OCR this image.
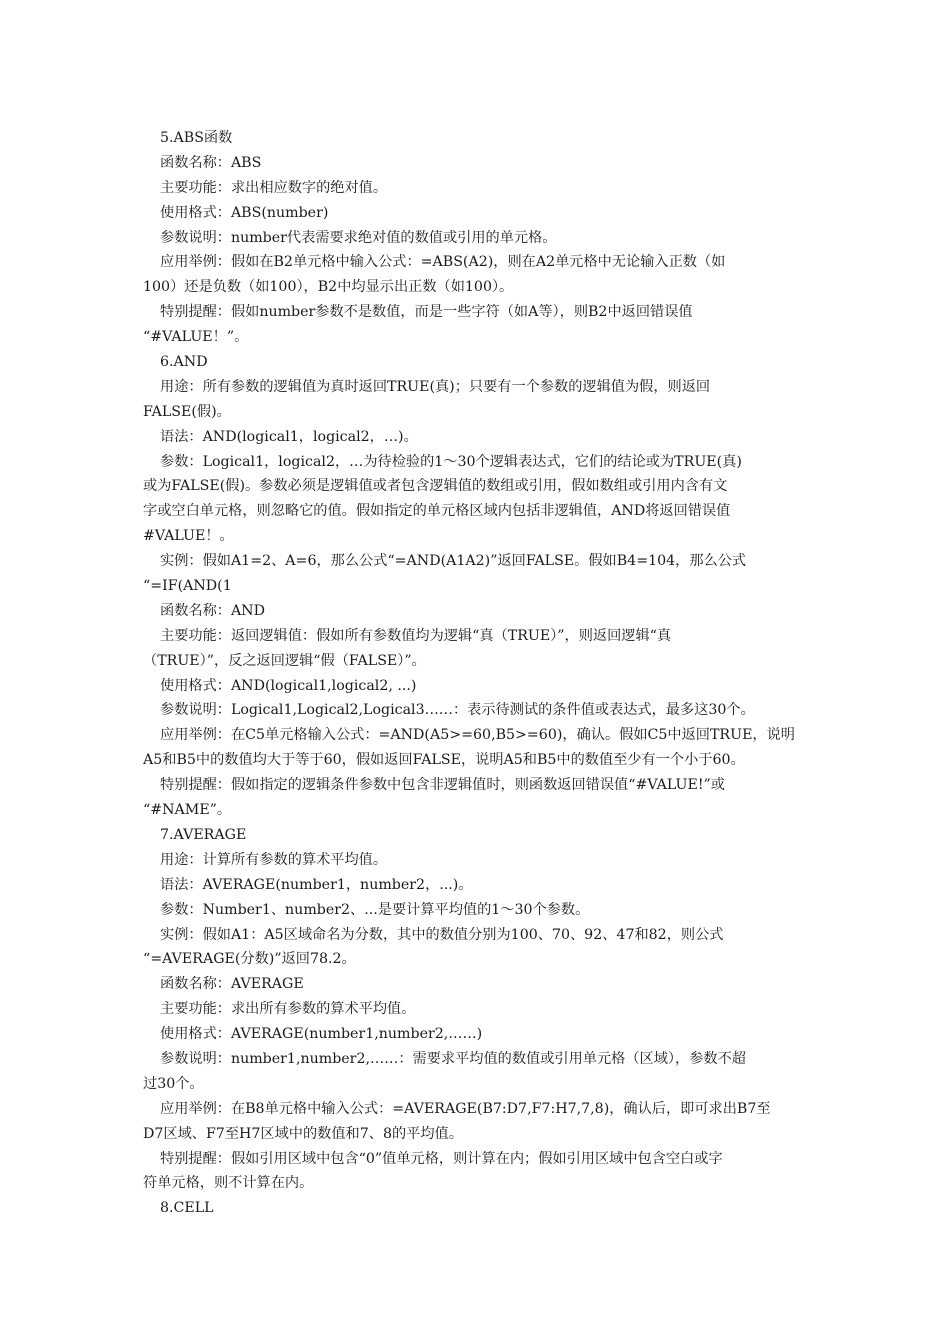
5.ABS函数
函数名称：ABS
主要功能：求出相应数字的绝对值。
使用格式：ABS(number)
参数说明：number代表需要求绝对值的数值或引用的单元格。
应用举例：假如在B2单元格中输入公式：=ABS(A2)，则在A2单元格中无论输入正数（如
100）还是负数（如100），B2中均显示出正数（如100）。
特别提醒：假如number参数不是数值，而是一些字符（如A等），则B2中返回错误值
“#VALUE！”。
6.AND
用途：所有参数的逻辑值为真时返回TRUE(真)；只要有一个参数的逻辑值为假，则返回
FALSE(假)。
语法：AND(logical1，logical2，…)。
参数：Logical1，logical2，…为待检验的1～30个逻辑表达式，它们的结论或为TRUE(真)
或为FALSE(假)。参数必须是逻辑值或者包含逻辑值的数组或引用，假如数组或引用内含有文
字或空白单元格，则忽略它的值。假如指定的单元格区域内包括非逻辑值，AND将返回错误值
#VALUE！。
实例：假如A1=2、A=6，那么公式“=AND(A1A2)”返回FALSE。假如B4=104，那么公式
“=IF(AND(1
函数名称：AND
主要功能：返回逻辑值：假如所有参数值均为逻辑“真（TRUE）”，则返回逻辑“真
（TRUE）”，反之返回逻辑“假（FALSE）”。
使用格式：AND(logical1,logical2, ...)
参数说明：Logical1,Logical2,Logical3……：表示待测试的条件值或表达式，最多这30个。
应用举例：在C5单元格输入公式：=AND(A5>=60,B5>=60)，确认。假如C5中返回TRUE，说明
A5和B5中的数值均大于等于60，假如返回FALSE，说明A5和B5中的数值至少有一个小于60。
特别提醒：假如指定的逻辑条件参数中包含非逻辑值时，则函数返回错误值“#VALUE!”或
“#NAME”。
7.AVERAGE
用途：计算所有参数的算术平均值。
语法：AVERAGE(number1，number2，...)。
参数：Number1、number2、...是要计算平均值的1～30个参数。
实例：假如A1：A5区域命名为分数，其中的数值分别为100、70、92、47和82，则公式
“=AVERAGE(分数)”返回78.2。
函数名称：AVERAGE
主要功能：求出所有参数的算术平均值。
使用格式：AVERAGE(number1,number2,……)
参数说明：number1,number2,……：需要求平均值的数值或引用单元格（区域），参数不超
过30个。
应用举例：在B8单元格中输入公式：=AVERAGE(B7:D7,F7:H7,7,8)，确认后，即可求出B7至
D7区域、F7至H7区域中的数值和7、8的平均值。
特别提醒：假如引用区域中包含“0”值单元格，则计算在内；假如引用区域中包含空白或字
符单元格，则不计算在内。
8.CELL
